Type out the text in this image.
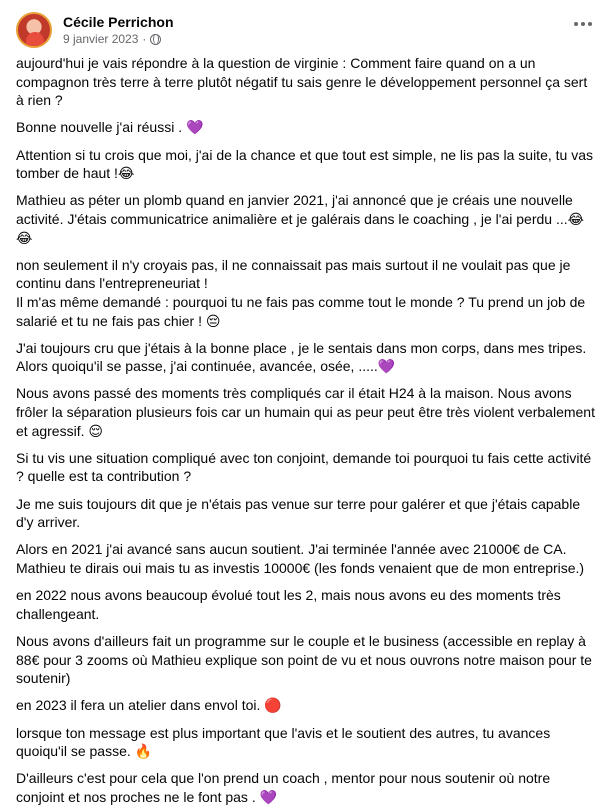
Cécile Perrichon
9 janvier 2023 ·

aujourd'hui je vais répondre à la question de virginie : Comment faire quand on a un compagnon très terre à terre plutôt négatif tu sais genre le développement personnel ça sert à rien ?

Bonne nouvelle j'ai réussi . 💜

Attention si tu crois que moi, j'ai de la chance et que tout est simple, ne lis pas la suite, tu vas tomber de haut !😂

Mathieu as péter un plomb quand en janvier 2021, j'ai annoncé que je créais une nouvelle activité. J'étais communicatrice animalière et je galérais dans le coaching , je l'ai perdu ...😂😂

non seulement il n'y croyais pas, il ne connaissait pas mais surtout il ne voulait pas que je continu dans l'entrepreneuriat !
Il m'as même demandé : pourquoi tu ne fais pas comme tout le monde ? Tu prend un job de salarié et tu ne fais pas chier ! 😔

J'ai toujours cru que j'étais à la bonne place , je le sentais dans mon corps, dans mes tripes.
Alors quoiqu'il se passe, j'ai continuée, avancée, osée, .....💜

Nous avons passé des moments très compliqués car il était H24 à la maison. Nous avons frôler la séparation plusieurs fois car un humain qui as peur peut être très violent verbalement et agressif. 😌

Si tu vis une situation compliqué avec ton conjoint, demande toi pourquoi tu fais cette activité ? quelle est ta contribution ?

Je me suis toujours dit que je n'étais pas venue sur terre pour galérer et que j'étais capable d'y arriver.

Alors en 2021 j'ai avancé sans aucun soutient. J'ai terminée l'année avec 21000€ de CA.
Mathieu te dirais oui mais tu as investis 10000€ (les fonds venaient que de mon entreprise.)

en 2022 nous avons beaucoup évolué tout les 2, mais nous avons eu des moments très challengeant.

Nous avons d'ailleurs fait un programme sur le couple et le business (accessible en replay à 88€ pour 3 zooms où Mathieu explique son point de vu et nous ouvrons notre maison pour te soutenir)

en 2023 il fera un atelier dans envol toi. 🔴

lorsque ton message est plus important que l'avis et le soutient des autres, tu avances quoiqu'il se passe. 🔥

D'ailleurs c'est pour cela que l'on prend un coach , mentor pour nous soutenir où notre conjoint et nos proches ne le font pas . 💜
